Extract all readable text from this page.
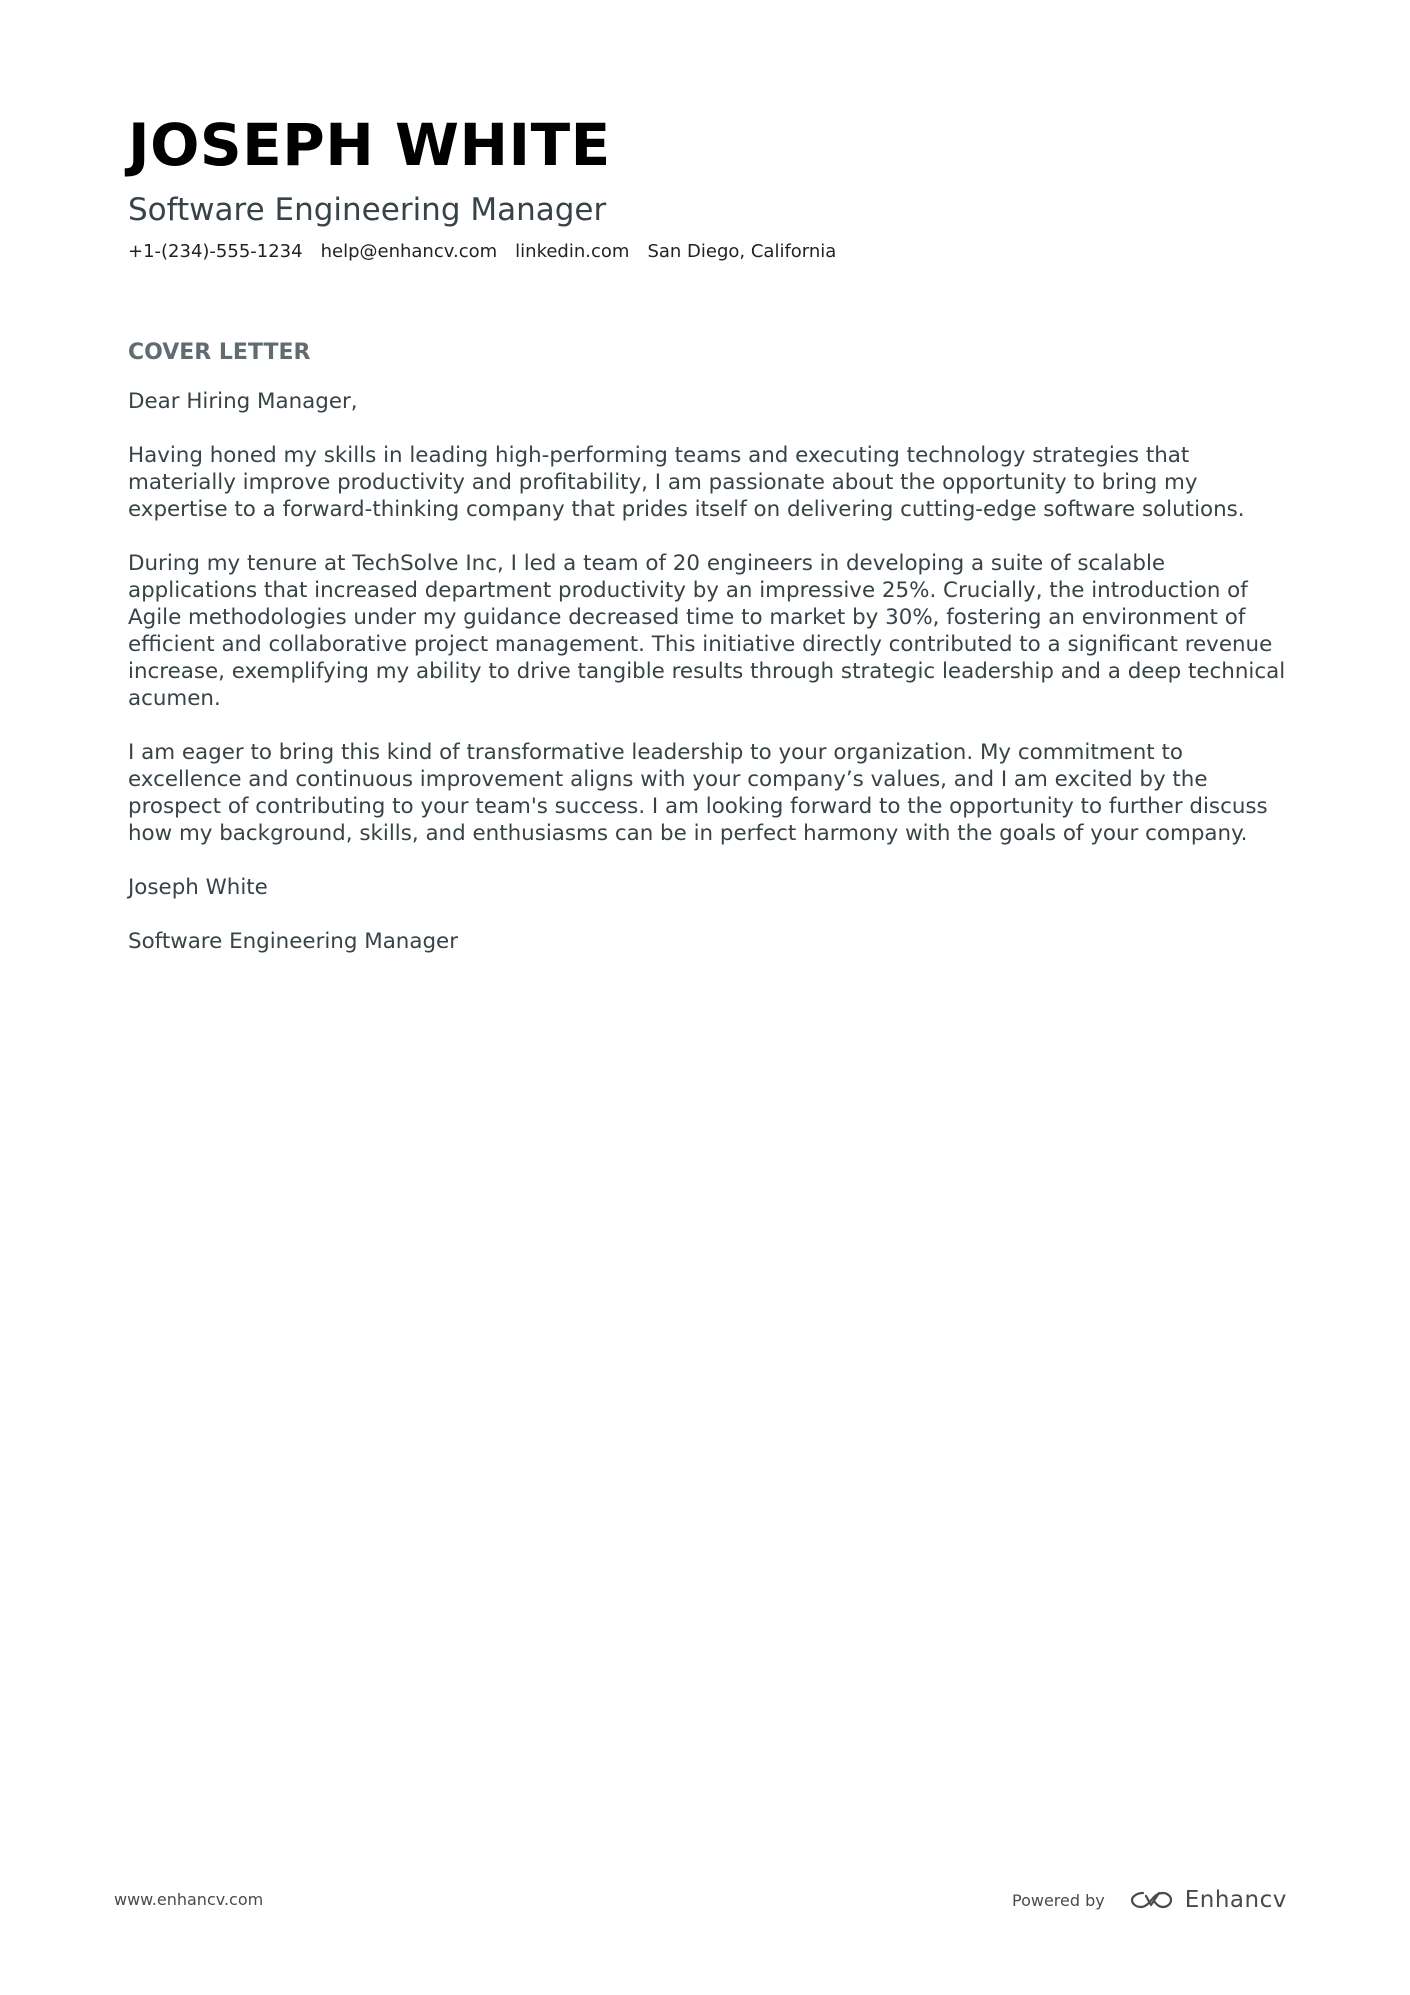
JOSEPH WHITE
Software Engineering Manager
+1-(234)-555-1234 help@enhancv.com linkedin.com San Diego, California
COVER LETTER

Dear Hiring Manager,

Having honed my skills in leading high-performing teams and executing technology strategies that materially improve productivity and profitability, I am passionate about the opportunity to bring my expertise to a forward-thinking company that prides itself on delivering cutting-edge software solutions.

During my tenure at TechSolve Inc, I led a team of 20 engineers in developing a suite of scalable applications that increased department productivity by an impressive 25%. Crucially, the introduction of Agile methodologies under my guidance decreased time to market by 30%, fostering an environment of efficient and collaborative project management. This initiative directly contributed to a significant revenue increase, exemplifying my ability to drive tangible results through strategic leadership and a deep technical acumen.

I am eager to bring this kind of transformative leadership to your organization. My commitment to excellence and continuous improvement aligns with your company’s values, and I am excited by the prospect of contributing to your team's success. I am looking forward to the opportunity to further discuss how my background, skills, and enthusiasms can be in perfect harmony with the goals of your company.

Joseph White

Software Engineering Manager

www.enhancv.com	Powered by	Enhancv
